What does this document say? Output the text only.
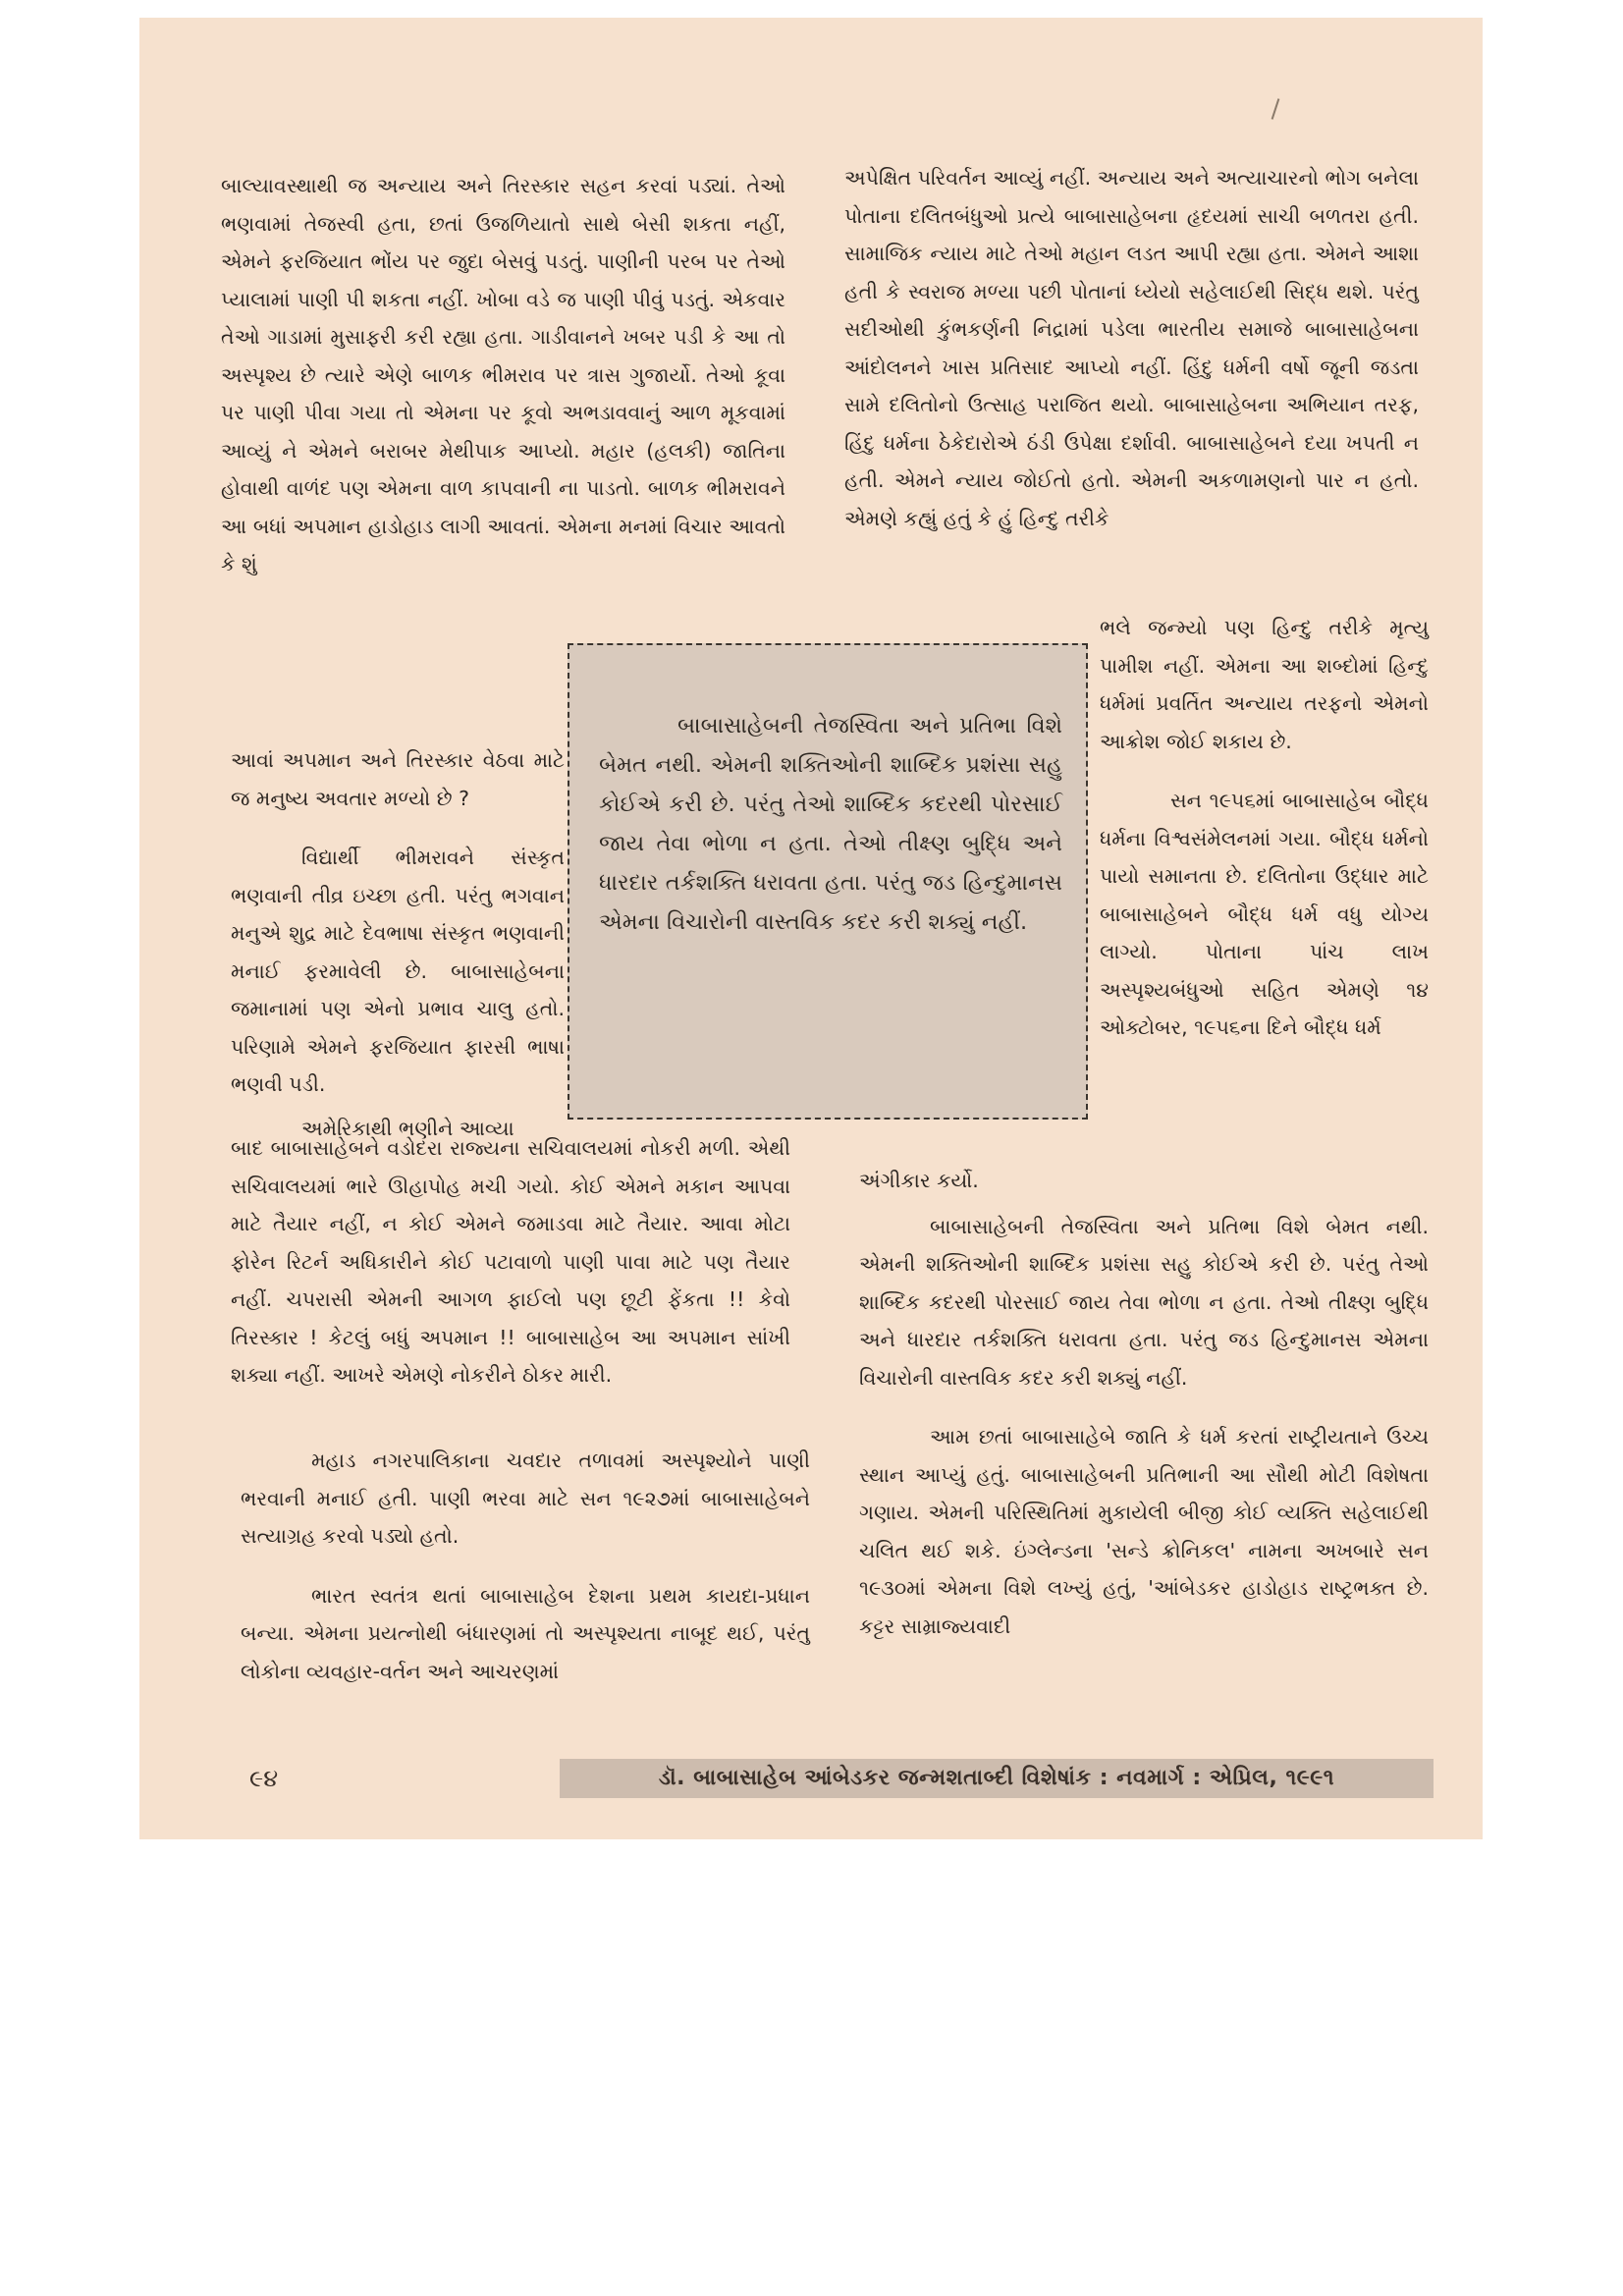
બાલ્યાવસ્થાથી જ અન્યાય અને તિરસ્કાર સહન કરવાં પડ્યાં. તેઓ ભણવામાં તેજસ્વી હતા, છતાં ઉજળિયાતો સાથે બેસી શકતા નહીં, એમને ફરજિયાત ભોંય પર જુદા બેસવું પડતું. પાણીની પરબ પર તેઓ પ્યાલામાં પાણી પી શકતા નહીં. ખોબા વડે જ પાણી પીવું પડતું. એકવાર તેઓ ગાડામાં મુસાફરી કરી રહ્યા હતા. ગાડીવાનને ખબર પડી કે આ તો અસ્પૃશ્ય છે ત્યારે એણે બાળક ભીમરાવ પર ત્રાસ ગુજાર્યો. તેઓ કૂવા પર પાણી પીવા ગયા તો એમના પર કૂવો અભડાવવાનું આળ મૂકવામાં આવ્યું ને એમને બરાબર મેથીપાક આપ્યો. મહાર (હલકી) જાતિના હોવાથી વાળંદ પણ એમના વાળ કાપવાની ના પાડતો. બાળક ભીમરાવને આ બધાં અપમાન હાડોહાડ લાગી આવતાં. એમના મનમાં વિચાર આવતો કે શું

આવાં અપમાન અને તિરસ્કાર વેઠવા માટે જ મનુષ્ય અવતાર મળ્યો છે ?

વિદ્યાર્થી ભીમરાવને સંસ્કૃત ભણવાની તીવ્ર ઇચ્છા હતી. પરંતુ ભગવાન મનુએ શુદ્ર માટે દેવભાષા સંસ્કૃત ભણવાની મનાઈ ફરમાવેલી છે. બાબાસાહેબના જમાનામાં પણ એનો પ્રભાવ ચાલુ હતો. પરિણામે એમને ફરજિયાત ફારસી ભાષા ભણવી પડી.

અમેરિકાથી ભણીને આવ્યા

બાદ બાબાસાહેબને વડોદરા રાજ્યના સચિવાલયમાં નોકરી મળી. એથી સચિવાલયમાં ભારે ઊહાપોહ મચી ગયો. કોઈ એમને મકાન આપવા માટે તૈયાર નહીં, ન કોઈ એમને જમાડવા માટે તૈયાર. આવા મોટા ફોરેન રિટર્ન અધિકારીને કોઈ પટાવાળો પાણી પાવા માટે પણ તૈયાર નહીં. ચપરાસી એમની આગળ ફાઈલો પણ છૂટી ફેંકતા !! કેવો તિરસ્કાર ! કેટલું બધું અપમાન !! બાબાસાહેબ આ અપમાન સાંખી શક્યા નહીં. આખરે એમણે નોકરીને ઠોકર મારી.

મહાડ નગરપાલિકાના ચવદાર તળાવમાં અસ્પૃશ્યોને પાણી ભરવાની મનાઈ હતી. પાણી ભરવા માટે સન ૧૯૨૭માં બાબાસાહેબને સત્યાગ્રહ કરવો પડ્યો હતો.

ભારત સ્વતંત્ર થતાં બાબાસાહેબ દેશના પ્રથમ કાયદા-પ્રધાન બન્યા. એમના પ્રયત્નોથી બંધારણમાં તો અસ્પૃશ્યતા નાબૂદ થઈ, પરંતુ લોકોના વ્યવહાર-વર્તન અને આચરણમાં

અપેક્ષિત પરિવર્તન આવ્યું નહીં. અન્યાય અને અત્યાચારનો ભોગ બનેલા પોતાના દલિતબંધુઓ પ્રત્યે બાબાસાહેબના હૃદયમાં સાચી બળતરા હતી. સામાજિક ન્યાય માટે તેઓ મહાન લડત આપી રહ્યા હતા. એમને આશા હતી કે સ્વરાજ મળ્યા પછી પોતાનાં ધ્યેયો સહેલાઈથી સિદ્ધ થશે. પરંતુ સદીઓથી કુંભકર્ણની નિદ્રામાં પડેલા ભારતીય સમાજે બાબાસાહેબના આંદોલનને ખાસ પ્રતિસાદ આપ્યો નહીં. હિંદુ ધર્મની વર્ષો જૂની જડતા સામે દલિતોનો ઉત્સાહ પરાજિત થયો. બાબાસાહેબના અભિયાન તરફ, હિંદુ ધર્મના ઠેકેદારોએ ઠંડી ઉપેક્ષા દર્શાવી. બાબાસાહેબને દયા ખપતી ન હતી. એમને ન્યાય જોઈતો હતો. એમની અકળામણનો પાર ન હતો. એમણે કહ્યું હતું કે હું હિન્દુ તરીકે

ભલે જન્મ્યો પણ હિન્દુ તરીકે મૃત્યુ પામીશ નહીં. એમના આ શબ્દોમાં હિન્દુ ધર્મમાં પ્રવર્તિત અન્યાય તરફનો એમનો આક્રોશ જોઈ શકાય છે.

સન ૧૯૫૬માં બાબાસાહેબ બૌદ્ધ ધર્મના વિશ્વસંમેલનમાં ગયા. બૌદ્ધ ધર્મનો પાયો સમાનતા છે. દલિતોના ઉદ્ધાર માટે બાબાસાહેબને બૌદ્ધ ધર્મ વધુ યોગ્ય લાગ્યો. પોતાના પાંચ લાખ અસ્પૃશ્યબંધુઓ સહિત એમણે ૧૪ ઓક્ટોબર, ૧૯૫૬ના દિને બૌદ્ધ ધર્મ

અંગીકાર કર્યો.

બાબાસાહેબની તેજસ્વિતા અને પ્રતિભા વિશે બેમત નથી. એમની શક્તિઓની શાબ્દિક પ્રશંસા સહુ કોઈએ કરી છે. પરંતુ તેઓ શાબ્દિક કદરથી પોરસાઈ જાય તેવા ભોળા ન હતા. તેઓ તીક્ષ્ણ બુદ્ધિ અને ધારદાર તર્કશક્તિ ધરાવતા હતા. પરંતુ જડ હિન્દુમાનસ એમના વિચારોની વાસ્તવિક કદર કરી શક્યું નહીં.

આમ છતાં બાબાસાહેબે જાતિ કે ધર્મ કરતાં રાષ્ટ્રીયતાને ઉચ્ચ સ્થાન આપ્યું હતું. બાબાસાહેબની પ્રતિભાની આ સૌથી મોટી વિશેષતા ગણાય. એમની પરિસ્થિતિમાં મુકાયેલી બીજી કોઈ વ્યક્તિ સહેલાઈથી ચલિત થઈ શકે. ઇંગ્લેન્ડના 'સન્ડે ક્રોનિકલ' નામના અખબારે સન ૧૯૩૦માં એમના વિશે લખ્યું હતું, 'આંબેડકર હાડોહાડ રાષ્ટ્રભક્ત છે. કટ્ટર સામ્રાજ્યવાદી

બાબાસાહેબની તેજસ્વિતા અને પ્રતિભા વિશે બેમત નથી. એમની શક્તિઓની શાબ્દિક પ્રશંસા સહુ કોઈએ કરી છે. પરંતુ તેઓ શાબ્દિક કદરથી પોરસાઈ જાય તેવા ભોળા ન હતા. તેઓ તીક્ષ્ણ બુદ્ધિ અને ધારદાર તર્કશક્તિ ધરાવતા હતા. પરંતુ જડ હિન્દુમાનસ એમના વિચારોની વાસ્તવિક કદર કરી શક્યું નહીં.

૯૪	ડૉ. બાબાસાહેબ આંબેડકર જન્મશતાબ્દી વિશેષાંક : નવમાર્ગ : એપ્રિલ, ૧૯૯૧
